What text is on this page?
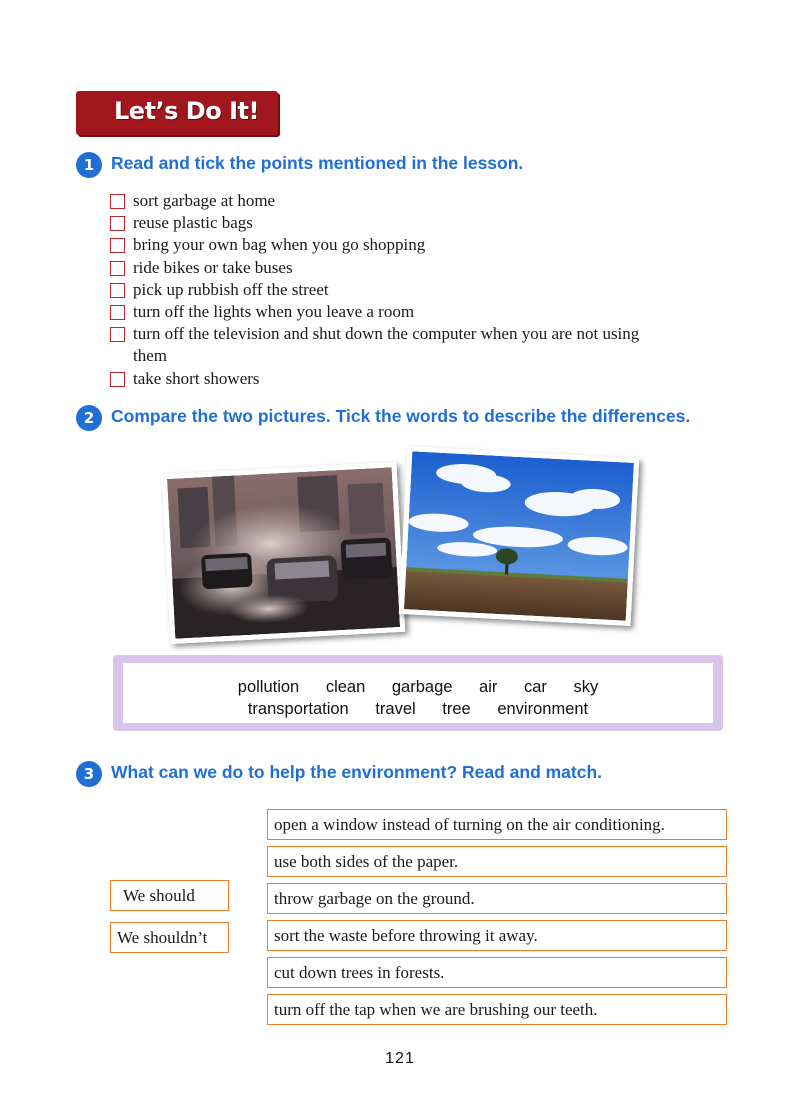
Let’s Do It!
1 Read and tick the points mentioned in the lesson.
sort garbage at home
reuse plastic bags
bring your own bag when you go shopping
ride bikes or take buses
pick up rubbish off the street
turn off the lights when you leave a room
turn off the television and shut down the computer when you are not using
them
take short showers
2 Compare the two pictures. Tick the words to describe the differences.
pollution clean garbage air car sky
transportation travel tree environment
3 What can we do to help the environment? Read and match.
We should
We shouldn’t
open a window instead of turning on the air conditioning.
use both sides of the paper.
throw garbage on the ground.
sort the waste before throwing it away.
cut down trees in forests.
turn off the tap when we are brushing our teeth.
121
